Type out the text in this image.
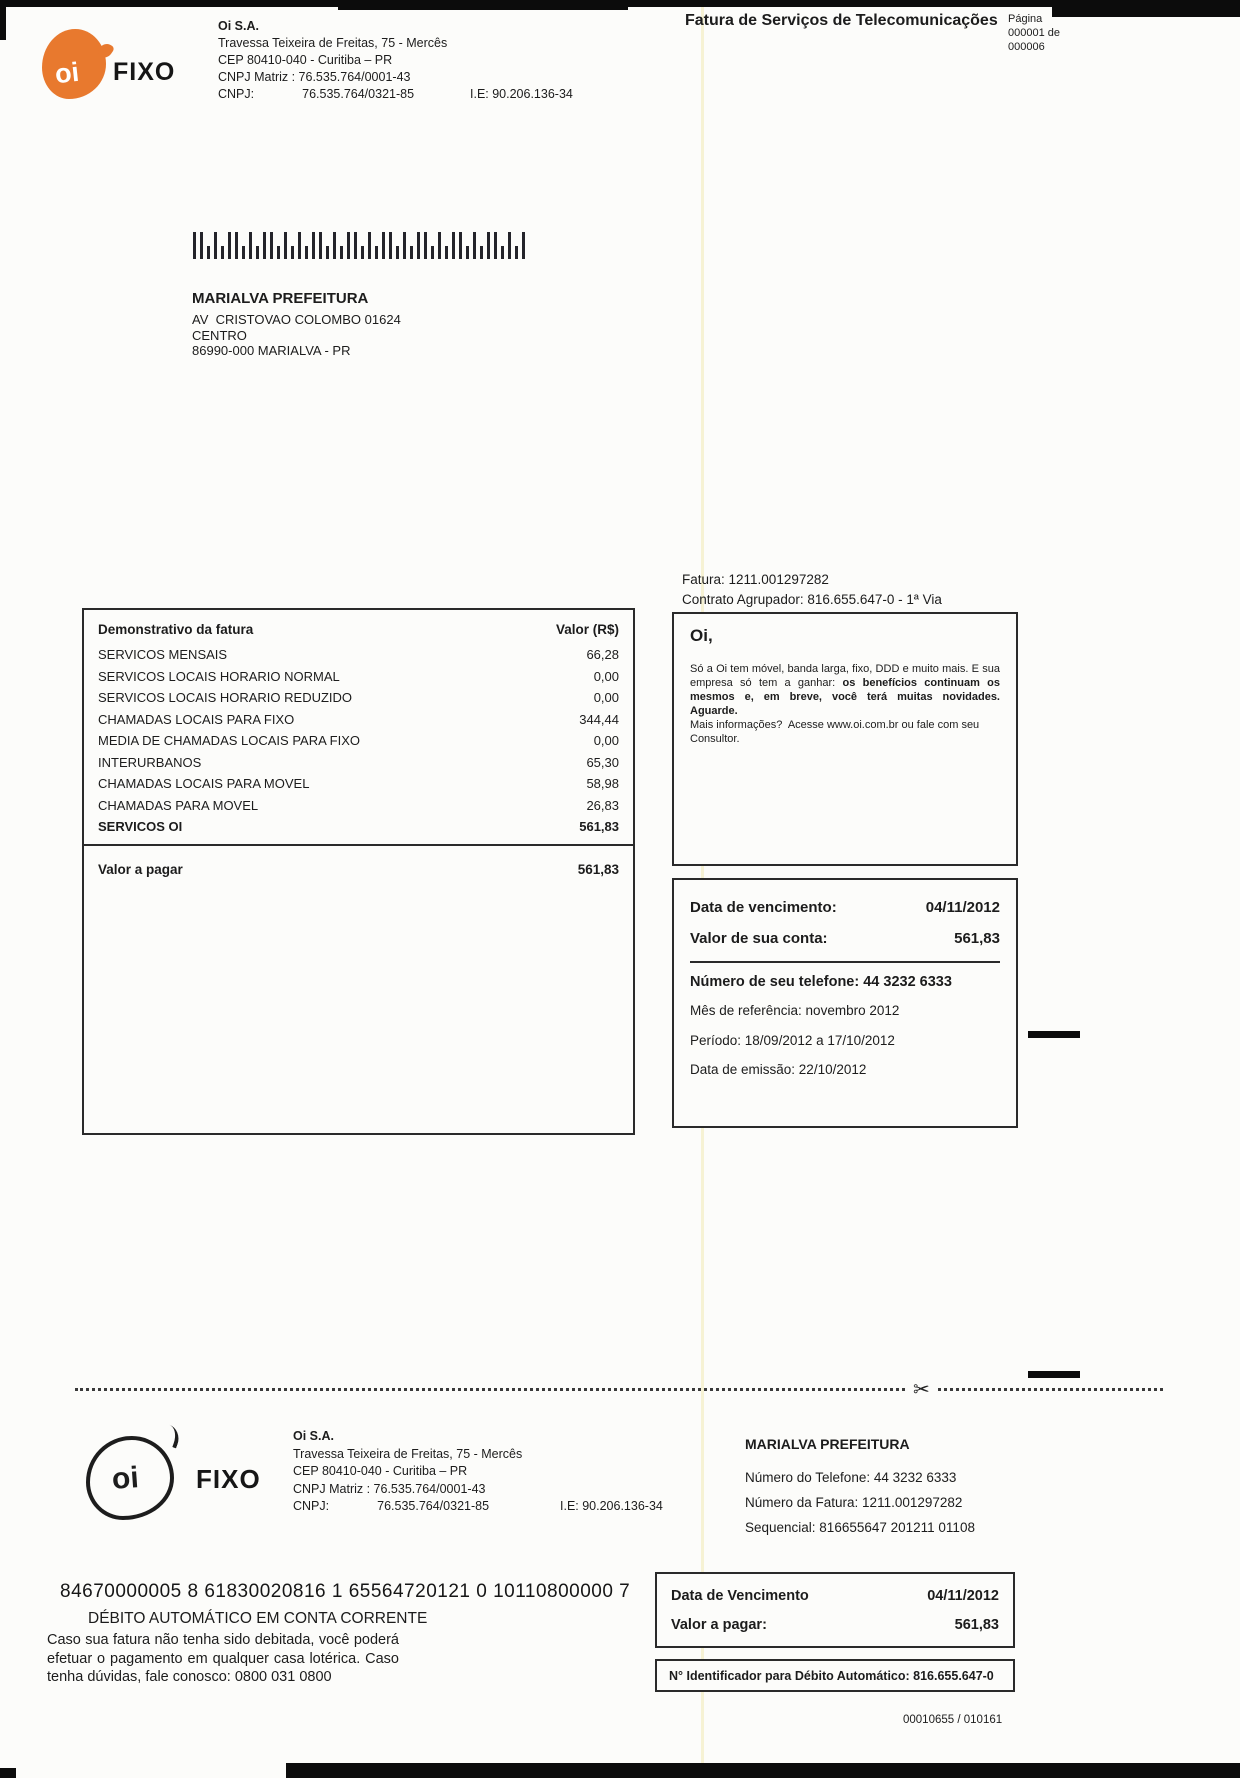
oi FIXO
Oi S.A.
Travessa Teixeira de Freitas, 75 - Mercês
CEP 80410-040 - Curitiba – PR
CNPJ Matriz : 76.535.764/0001-43
CNPJ:	76.535.764/0321-85	I.E: 90.206.136-34
Fatura de Serviços de Telecomunicações Página
000001 de
000006
MARIALVA PREFEITURA
AV  CRISTOVAO COLOMBO 01624
CENTRO
86990-000 MARIALVA - PR
Fatura: 1211.001297282
Contrato Agrupador: 816.655.647-0 - 1ª Via
Demonstrativo da fatura	Valor (R$)
SERVICOS MENSAIS	66,28
SERVICOS LOCAIS HORARIO NORMAL	0,00
SERVICOS LOCAIS HORARIO REDUZIDO	0,00
CHAMADAS LOCAIS PARA FIXO	344,44
MEDIA DE CHAMADAS LOCAIS PARA FIXO	0,00
INTERURBANOS	65,30
CHAMADAS LOCAIS PARA MOVEL	58,98
CHAMADAS PARA MOVEL	26,83
SERVICOS OI	561,83
Valor a pagar	561,83
Oi,
Só a Oi tem móvel, banda larga, fixo, DDD e muito mais. E sua empresa só tem a ganhar: os benefícios continuam os mesmos e, em breve, você terá muitas novidades. Aguarde.
Mais informações?  Acesse www.oi.com.br ou fale com seu Consultor.
Data de vencimento:	04/11/2012
Valor de sua conta:	561,83
Número de seu telefone: 44 3232 6333
Mês de referência: novembro 2012
Período: 18/09/2012 a 17/10/2012
Data de emissão: 22/10/2012
✂
oi FIXO
Oi S.A.
Travessa Teixeira de Freitas, 75 - Mercês
CEP 80410-040 - Curitiba – PR
CNPJ Matriz : 76.535.764/0001-43
CNPJ:	76.535.764/0321-85	I.E: 90.206.136-34
MARIALVA PREFEITURA
Número do Telefone: 44 3232 6333
Número da Fatura: 1211.001297282
Sequencial: 816655647 201211 01108
84670000005 8 61830020816 1 65564720121 0 10110800000 7
DÉBITO AUTOMÁTICO EM CONTA CORRENTE
Caso sua fatura não tenha sido debitada, você poderá efetuar o pagamento em qualquer casa lotérica. Caso tenha dúvidas, fale conosco: 0800 031 0800
Data de Vencimento	04/11/2012
Valor a pagar:	561,83
N° Identificador para Débito Automático: 816.655.647-0
00010655 / 010161
